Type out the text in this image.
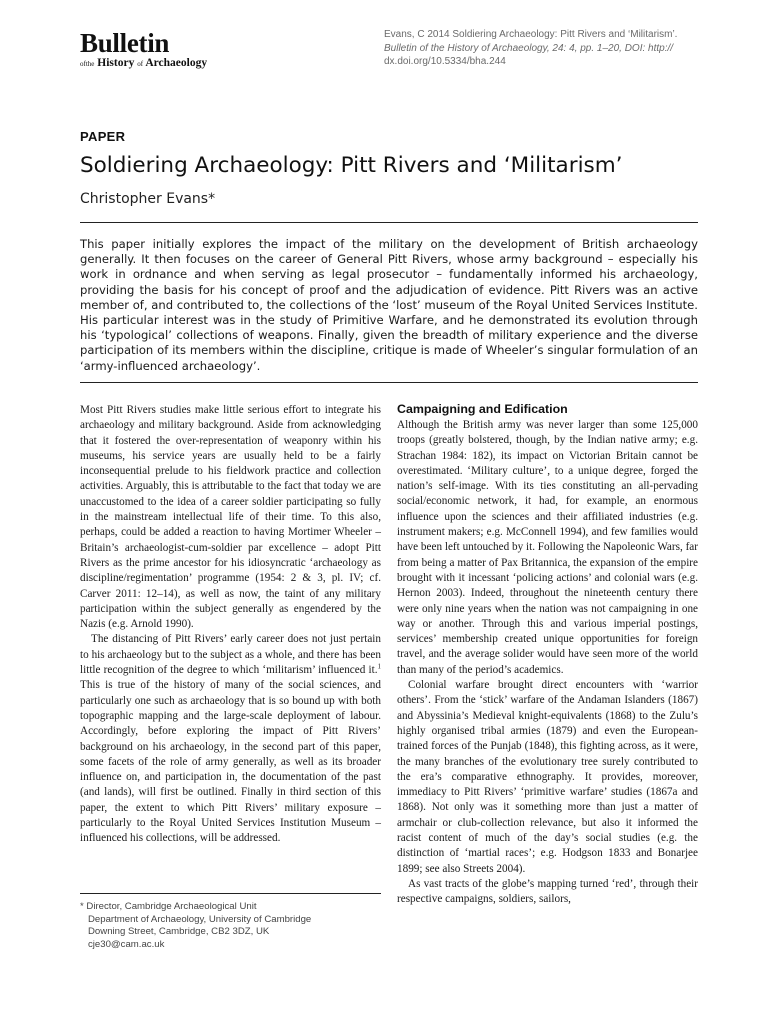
Bulletin
ofthe History of Archaeology
Evans, C 2014 Soldiering Archaeology: Pitt Rivers and ‘Militarism’.
Bulletin of the History of Archaeology, 24: 4, pp. 1–20, DOI: http://
dx.doi.org/10.5334/bha.244
PAPER
Soldiering Archaeology: Pitt Rivers and ‘Militarism’
Christopher Evans*
This paper initially explores the impact of the military on the development of British archaeology generally. It then focuses on the career of General Pitt Rivers, whose army background – especially his work in ordnance and when serving as legal prosecutor – fundamentally informed his archaeology, providing the basis for his concept of proof and the adjudication of evidence. Pitt Rivers was an active member of, and contributed to, the collections of the ‘lost’ museum of the Royal United Services Institute. His particular interest was in the study of Primitive Warfare, and he demonstrated its evolution through his ‘typological’ collections of weapons. Finally, given the breadth of military experience and the diverse participation of its members within the discipline, critique is made of Wheeler’s singular formulation of an ‘army-influenced archaeology’.

Most Pitt Rivers studies make little serious effort to integrate his archaeology and military background. Aside from acknowledging that it fostered the over-representation of weaponry within his museums, his service years are usually held to be a fairly inconsequential prelude to his fieldwork practice and collection activities. Arguably, this is attributable to the fact that today we are unaccustomed to the idea of a career soldier participating so fully in the mainstream intellectual life of their time. To this also, perhaps, could be added a reaction to having Mortimer Wheeler – Britain’s archaeologist-cum-soldier par excellence – adopt Pitt Rivers as the prime ancestor for his idiosyncratic ‘archaeology as discipline/regimentation’ programme (1954: 2 & 3, pl. IV; cf. Carver 2011: 12–14), as well as now, the taint of any military participation within the subject generally as engendered by the Nazis (e.g. Arnold 1990).

The distancing of Pitt Rivers’ early career does not just pertain to his archaeology but to the subject as a whole, and there has been little recognition of the degree to which ‘militarism’ influenced it.$^1$ This is true of the history of many of the social sciences, and particularly one such as archaeology that is so bound up with both topographic mapping and the large-scale deployment of labour. Accordingly, before exploring the impact of Pitt Rivers’ background on his archaeology, in the second part of this paper, some facets of the role of army generally, as well as its broader influence on, and participation in, the documentation of the past (and lands), will first be outlined. Finally in third section of this paper, the extent to which Pitt Rivers’ military exposure – particularly to the Royal United Services Institution Museum – influenced his collections, will be addressed.

Campaigning and Edification

Although the British army was never larger than some 125,000 troops (greatly bolstered, though, by the Indian native army; e.g. Strachan 1984: 182), its impact on Victorian Britain cannot be overestimated. ‘Military culture’, to a unique degree, forged the nation’s self-image. With its ties constituting an all-pervading social/economic network, it had, for example, an enormous influence upon the sciences and their affiliated industries (e.g. instrument makers; e.g. McConnell 1994), and few families would have been left untouched by it. Following the Napoleonic Wars, far from being a matter of Pax Britannica, the expansion of the empire brought with it incessant ‘policing actions’ and colonial wars (e.g. Hernon 2003). Indeed, throughout the nineteenth century there were only nine years when the nation was not campaigning in one way or another. Through this and various imperial postings, services’ membership created unique opportunities for foreign travel, and the average solider would have seen more of the world than many of the period’s academics.

Colonial warfare brought direct encounters with ‘warrior others’. From the ‘stick’ warfare of the Andaman Islanders (1867) and Abyssinia’s Medieval knight-equivalents (1868) to the Zulu’s highly organised tribal armies (1879) and even the European-trained forces of the Punjab (1848), this fighting across, as it were, the many branches of the evolutionary tree surely contributed to the era’s comparative ethnography. It provides, moreover, immediacy to Pitt Rivers’ ‘primitive warfare’ studies (1867a and 1868). Not only was it something more than just a matter of armchair or club-collection relevance, but also it informed the racist content of much of the day’s social studies (e.g. the distinction of ‘martial races’; e.g. Hodgson 1833 and Bonarjee 1899; see also Streets 2004).

As vast tracts of the globe’s mapping turned ‘red’, through their respective campaigns, soldiers, sailors,

* Director, Cambridge Archaeological Unit
Department of Archaeology, University of Cambridge
Downing Street, Cambridge, CB2 3DZ, UK
cje30@cam.ac.uk
